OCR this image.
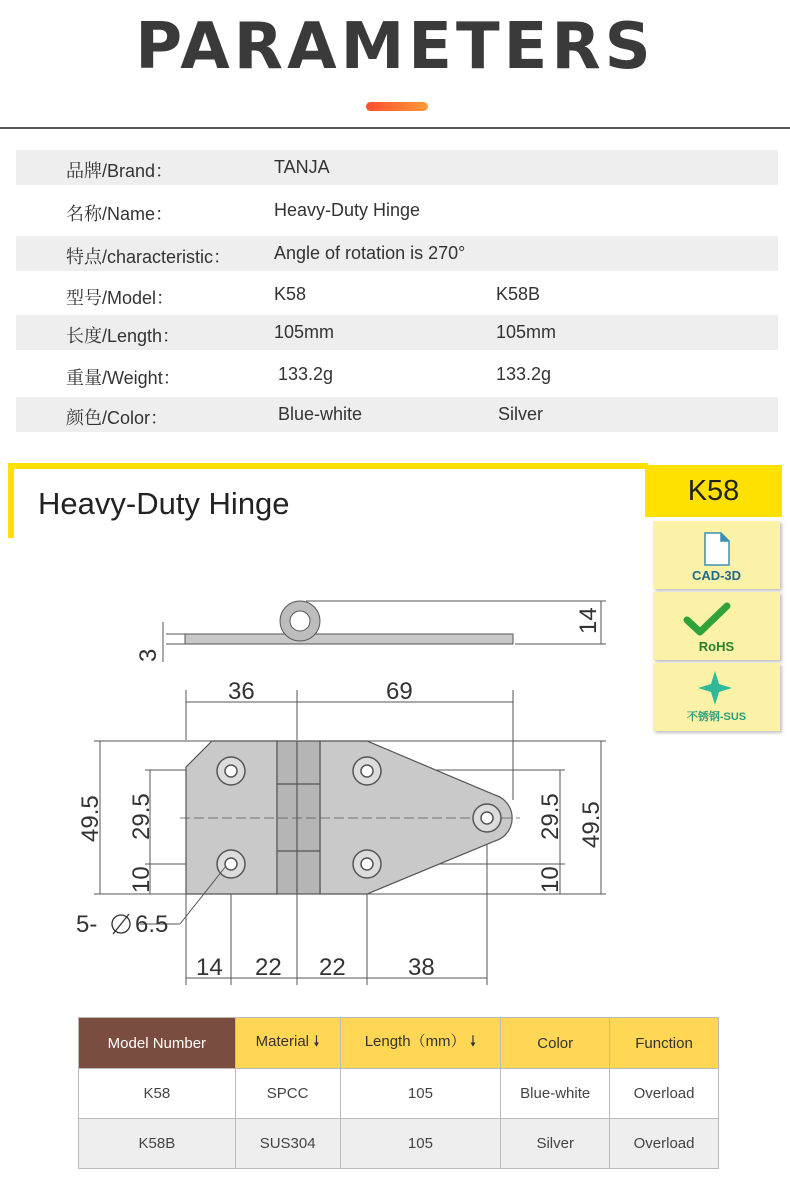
PARAMETERS
品牌/Brand：	TANJA
名称/Name：	Heavy-Duty Hinge
特点/characteristic： Angle of rotation is 270°
型号/Model：	K58	K58B
长度/Length：	105mm	105mm
重量/Weight：	133.2g	133.2g
颜色/Color：	Blue-white	Silver
Heavy-Duty Hinge	K58
CAD-3D
RoHS
不锈钢-SUS
3
14
36	69
49.5 29.5
10
29.5
10
49.5
5- 6.5
14 22 22	38
Model Number	Material 🠗	Length（mm） 🠗	Color	Function
K58	SPCC	105	Blue-white	Overload
K58B	SUS304	105	Silver	Overload
